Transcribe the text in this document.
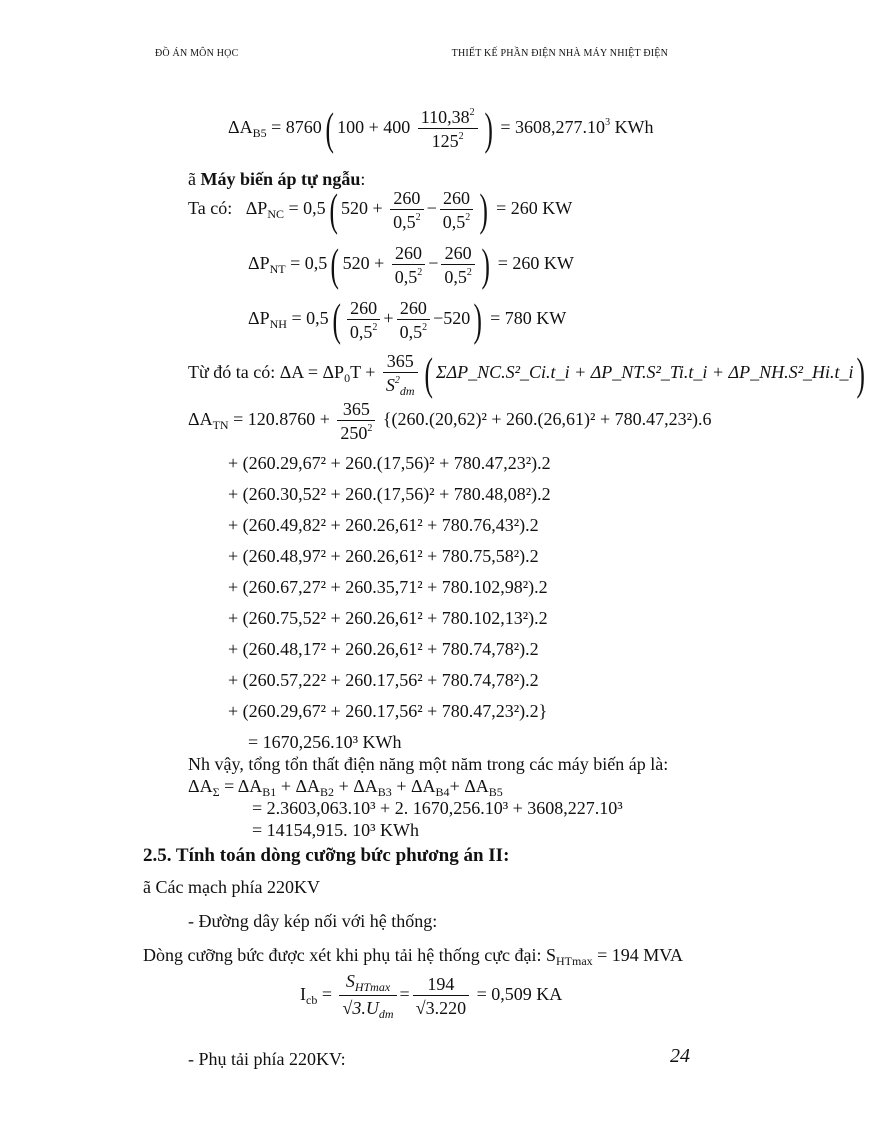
ĐỒ ÁN MÔN HỌC	THIẾT KẾ PHẦN ĐIỆN NHÀ MÁY NHIỆT ĐIỆN
$\Delta A_{B5} = 8760$( $100 + 400 \frac{110,38^2}{125^2}$ ) = $3608,277.10^3$ KWh
ã Máy biến áp tự ngẫu:
Ta có: $\Delta P_{NC} = 0,5$( $520 + \frac{260}{0,5^2} - \frac{260}{0,5^2}$ ) = 260 KW
$\Delta P_{NT} = 0,5$( $520 + \frac{260}{0,5^2} - \frac{260}{0,5^2}$ ) = 260 KW
$\Delta P_{NH} = 0,5( \frac{260}{0,5^2} + \frac{260}{0,5^2} -520) = 780$ KW
Từ đó ta có: $\Delta A = \Delta P_0T + \frac{365}{S^2_{dm}}$ ( ΣΔP_NC.S²_Ci.t_i + ΔP_NT.S²_Ti.t_i + ΔP_NH.S²_Hi.t_i)
$\Delta A_{TN} = 120.8760 + \frac{365}{250^2} \{(260.(20,62)^2 + 260.(26,61)^2 + 780.47,23^2).6$
+ (260.29,67² + 260.(17,56)² + 780.47,23²).2
+ (260.30,52² + 260.(17,56)² + 780.48,08²).2
+ (260.49,82² + 260.26,61² + 780.76,43²).2
+ (260.48,97² + 260.26,61² + 780.75,58²).2
+ (260.67,27² + 260.35,71² + 780.102,98²).2
+ (260.75,52² + 260.26,61² + 780.102,13²).2
+ (260.48,17² + 260.26,61² + 780.74,78²).2
+ (260.57,22² + 260.17,56² + 780.74,78²).2
+ (260.29,67² + 260.17,56² + 780.47,23²).2}
= 1670,256.10³ KWh
Nh vậy, tổng tổn thất điện năng một năm trong các máy biến áp là:
$\Delta A_\Sigma = \Delta A_{B1} + \Delta A_{B2} + \Delta A_{B3} + \Delta A_{B4}+ \Delta A_{B5}$
= 2.3603,063.10³ + 2. 1670,256.10³ + 3608,227.10³
= 14154,915. 10³ KWh
2.5. Tính toán dòng cưỡng bức phương án II:
ã Các mạch phía 220KV
- Đường dây kép nối với hệ thống:
Dòng cưỡng bức được xét khi phụ tải hệ thống cực đại: $S_{HTmax} = 194$ MVA
$I_{cb} = \frac{S_{HTmax}}{√3.U_{dm}} = \frac{194}{√3.220} = 0,509$ KA
- Phụ tải phía 220KV:	24
